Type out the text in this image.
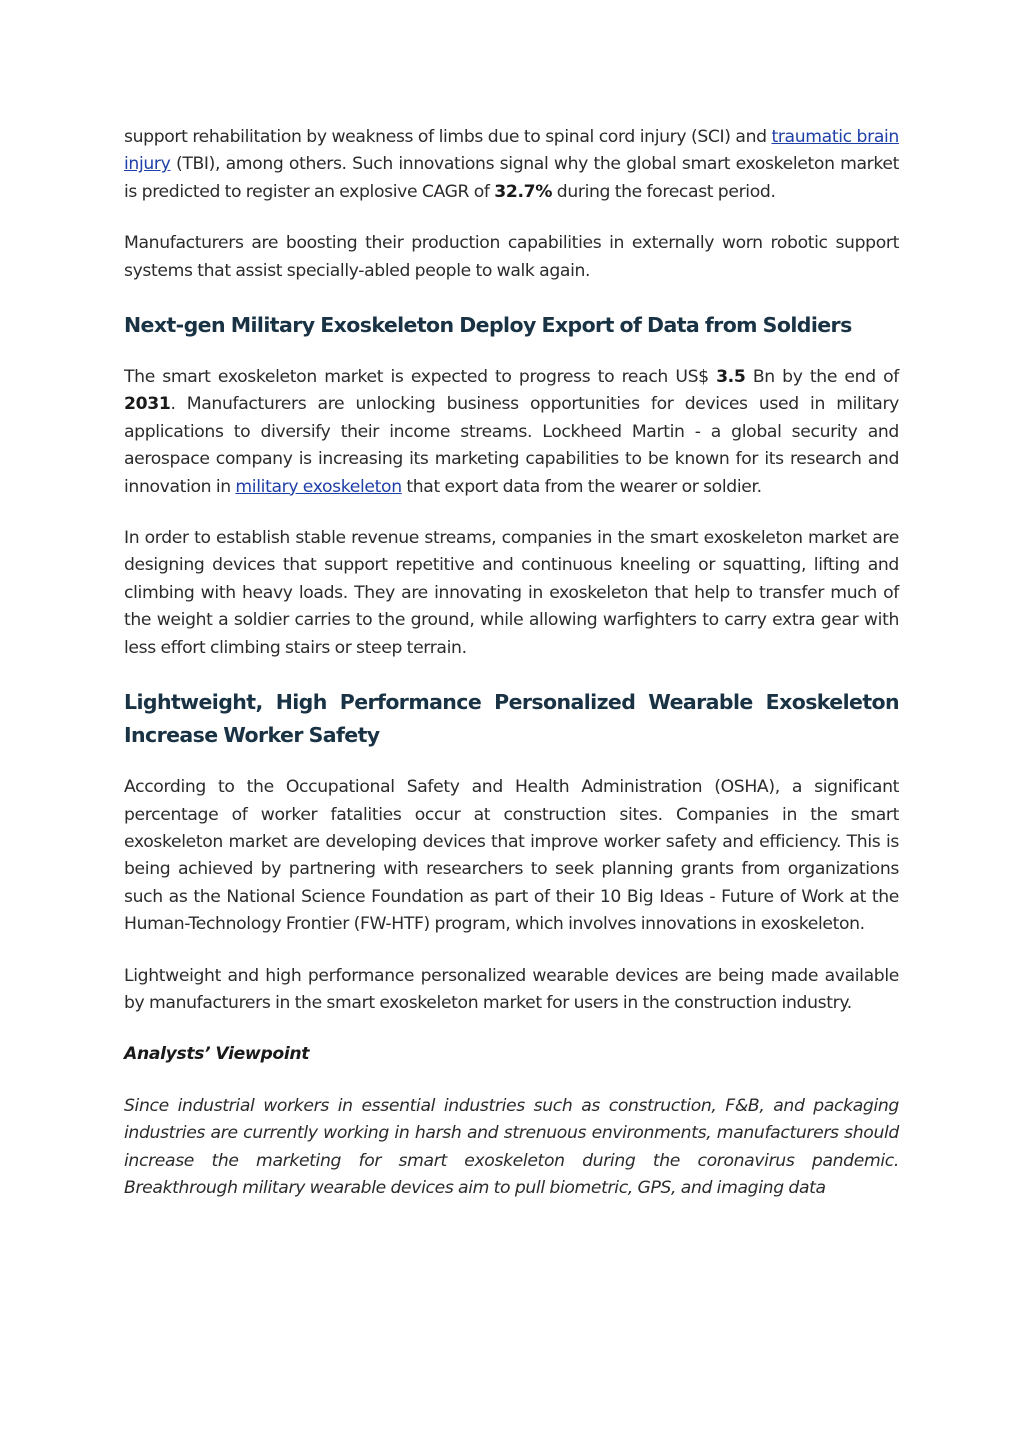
support rehabilitation by weakness of limbs due to spinal cord injury (SCI) and traumatic brain injury (TBI), among others. Such innovations signal why the global smart exoskeleton market is predicted to register an explosive CAGR of 32.7% during the forecast period.

Manufacturers are boosting their production capabilities in externally worn robotic support systems that assist specially-abled people to walk again.

Next-gen Military Exoskeleton Deploy Export of Data from Soldiers

The smart exoskeleton market is expected to progress to reach US$ 3.5 Bn by the end of 2031. Manufacturers are unlocking business opportunities for devices used in military applications to diversify their income streams. Lockheed Martin - a global security and aerospace company is increasing its marketing capabilities to be known for its research and innovation in military exoskeleton that export data from the wearer or soldier.

In order to establish stable revenue streams, companies in the smart exoskeleton market are designing devices that support repetitive and continuous kneeling or squatting, lifting and climbing with heavy loads. They are innovating in exoskeleton that help to transfer much of the weight a soldier carries to the ground, while allowing warfighters to carry extra gear with less effort climbing stairs or steep terrain.

Lightweight, High Performance Personalized Wearable Exoskeleton Increase Worker Safety

According to the Occupational Safety and Health Administration (OSHA), a significant percentage of worker fatalities occur at construction sites. Companies in the smart exoskeleton market are developing devices that improve worker safety and efficiency. This is being achieved by partnering with researchers to seek planning grants from organizations such as the National Science Foundation as part of their 10 Big Ideas - Future of Work at the Human-Technology Frontier (FW-HTF) program, which involves innovations in exoskeleton.

Lightweight and high performance personalized wearable devices are being made available by manufacturers in the smart exoskeleton market for users in the construction industry.

Analysts’ Viewpoint

Since industrial workers in essential industries such as construction, F&B, and packaging industries are currently working in harsh and strenuous environments, manufacturers should increase the marketing for smart exoskeleton during the coronavirus pandemic. Breakthrough military wearable devices aim to pull biometric, GPS, and imaging data
